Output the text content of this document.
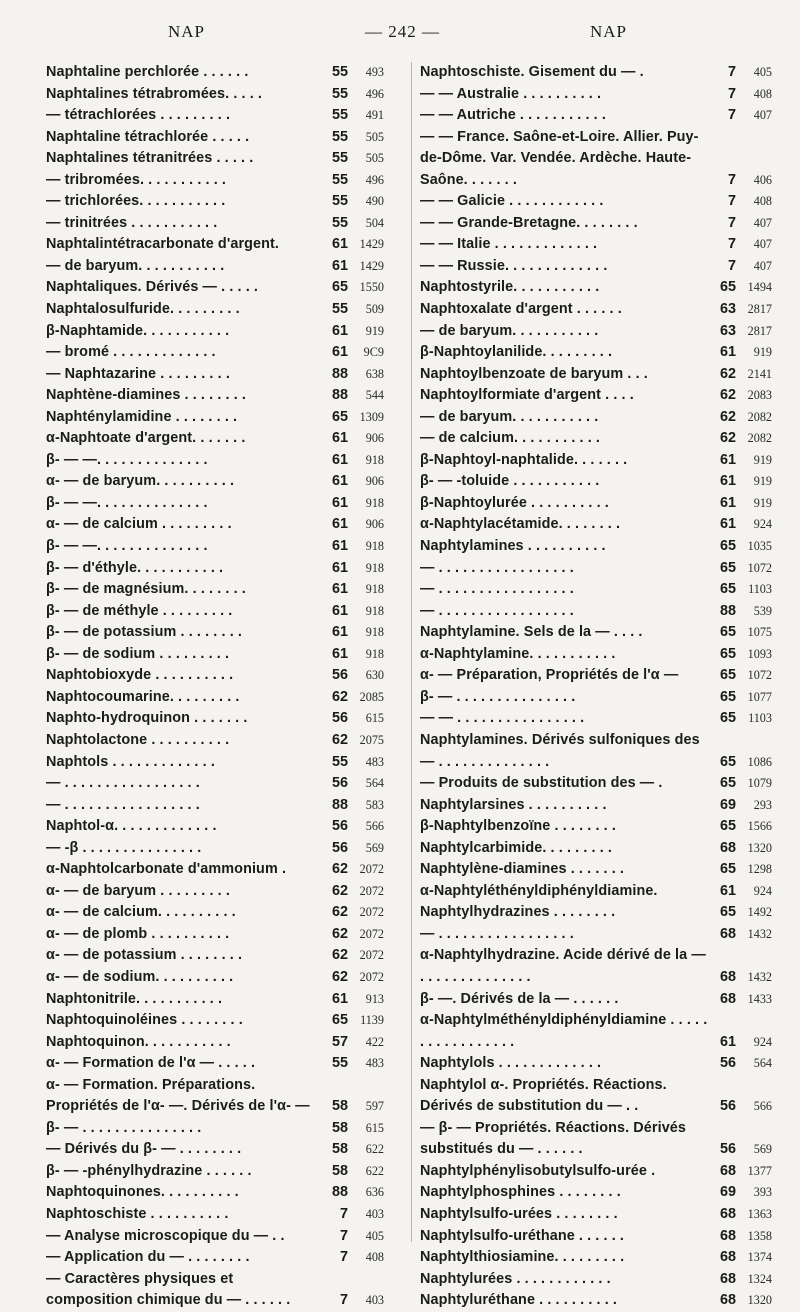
NAP	— 242 —	NAP
Naphtaline perchlorée . . . . . .	55	493
Naphtalines tétrabromées. . . . .	55	496
— tétrachlorées . . . . . . . . .	55	491
Naphtaline tétrachlorée . . . . .	55	505
Naphtalines tétranitrées . . . . .	55	505
— tribromées. . . . . . . . . . .	55	496
— trichlorées. . . . . . . . . . .	55	490
— trinitrées . . . . . . . . . . .	55	504
Naphtalintétracarbonate d'argent.	61 1429
— de baryum. . . . . . . . . . .	61 1429
Naphtaliques. Dérivés — . . . . .	65 1550
Naphtalosulfuride. . . . . . . . .	55	509
β-Naphtamide. . . . . . . . . . .	61	919
— bromé . . . . . . . . . . . . .	61	9C9
— Naphtazarine . . . . . . . . .	88	638
Naphtène-diamines . . . . . . . .	88	544
Naphténylamidine . . . . . . . .	65 1309
α-Naphtoate d'argent. . . . . . .	61	906
β- — —. . . . . . . . . . . . . .	61	918
α- — de baryum. . . . . . . . . .	61	906
β- — —. . . . . . . . . . . . . .	61	918
α- — de calcium . . . . . . . . .	61	906
β- — —. . . . . . . . . . . . . .	61	918
β- — d'éthyle. . . . . . . . . . .	61	918
β- — de magnésium. . . . . . . .	61	918
β- — de méthyle . . . . . . . . .	61	918
β- — de potassium . . . . . . . .	61	918
β- — de sodium . . . . . . . . .	61	918
Naphtobioxyde . . . . . . . . . .	56	630
Naphtocoumarine. . . . . . . . .	62 2085
Naphto-hydroquinon . . . . . . .	56	615
Naphtolactone . . . . . . . . . .	62 2075
Naphtols . . . . . . . . . . . . .	55	483
— . . . . . . . . . . . . . . . . .	56	564
— . . . . . . . . . . . . . . . . .	88	583
Naphtol-α. . . . . . . . . . . . .	56	566
— -β . . . . . . . . . . . . . . .	56	569
α-Naphtolcarbonate d'ammonium .	62 2072
α- — de baryum . . . . . . . . .	62 2072
α- — de calcium. . . . . . . . . .	62 2072
α- — de plomb . . . . . . . . . .	62 2072
α- — de potassium . . . . . . . .	62 2072
α- — de sodium. . . . . . . . . .	62 2072
Naphtonitrile. . . . . . . . . . .	61	913
Naphtoquinoléines . . . . . . . .	65 1139
Naphtoquinon. . . . . . . . . . .	57	422
α- — Formation de l'α — . . . . .	55	483
α- — Formation. Préparations. Propriétés de l'α- —. Dérivés de l'α- —	58	597
β- — . . . . . . . . . . . . . . .	58	615
— Dérivés du β- — . . . . . . . .	58	622
β- — -phénylhydrazine . . . . . .	58	622
Naphtoquinones. . . . . . . . . .	88	636
Naphtoschiste . . . . . . . . . .	7	403
— Analyse microscopique du — . .	7	405
— Application du — . . . . . . . .	7	408
— Caractères physiques et composition chimique du — . . . . . .	7	403
Naphtoschiste. Gisement du — .	7	405
— — Australie . . . . . . . . . .	7	408
— — Autriche . . . . . . . . . . .	7	407
— — France. Saône-et-Loire. Allier. Puy-de-Dôme. Var. Vendée. Ardèche. Haute-Saône. . . . . . .	7	406
— — Galicie . . . . . . . . . . . .	7	408
— — Grande-Bretagne. . . . . . . .	7	407
— — Italie . . . . . . . . . . . . .	7	407
— — Russie. . . . . . . . . . . . .	7	407
Naphtostyrile. . . . . . . . . . .	65 1494
Naphtoxalate d'argent . . . . . .	63 2817
— de baryum. . . . . . . . . . .	63 2817
β-Naphtoylanilide. . . . . . . . .	61	919
Naphtoylbenzoate de baryum . . .	62 2141
Naphtoylformiate d'argent . . . .	62 2083
— de baryum. . . . . . . . . . .	62 2082
— de calcium. . . . . . . . . . .	62 2082
β-Naphtoyl-naphtalide. . . . . . .	61	919
β- — -toluide . . . . . . . . . . .	61	919
β-Naphtoylurée . . . . . . . . . .	61	919
α-Naphtylacétamide. . . . . . . .	61	924
Naphtylamines . . . . . . . . . .	65 1035
— . . . . . . . . . . . . . . . . .	65 1072
— . . . . . . . . . . . . . . . . .	65 1103
— . . . . . . . . . . . . . . . . .	88	539
Naphtylamine. Sels de la — . . . .	65 1075
α-Naphtylamine. . . . . . . . . . .	65 1093
α- — Préparation, Propriétés de l'α —	65 1072
β- — . . . . . . . . . . . . . . .	65 1077
— — . . . . . . . . . . . . . . . .	65 1103
Naphtylamines. Dérivés sulfoniques des — . . . . . . . . . . . . . .	65 1086
— Produits de substitution des — .	65 1079
Naphtylarsines . . . . . . . . . .	69	293
β-Naphtylbenzoïne . . . . . . . .	65 1566
Naphtylcarbimide. . . . . . . . .	68 1320
Naphtylène-diamines . . . . . . .	65 1298
α-Naphtyléthényldiphényldiamine.	61	924
Naphtylhydrazines . . . . . . . .	65 1492
— . . . . . . . . . . . . . . . . .	68 1432
α-Naphtylhydrazine. Acide dérivé de la — . . . . . . . . . . . . . .	68 1432
β- —. Dérivés de la — . . . . . .	68 1433
α-Naphtylméthényldiphényldiamine . . . . . . . . . . . . . . . . .	61	924
Naphtylols . . . . . . . . . . . . .	56	564
Naphtylol α-. Propriétés. Réactions. Dérivés de substitution du — . .	56	566
— β- — Propriétés. Réactions. Dérivés substitués du — . . . . . .	56	569
Naphtylphénylisobutylsulfo-urée .	68 1377
Naphtylphosphines . . . . . . . .	69	393
Naphtylsulfo-urées . . . . . . . .	68 1363
Naphtylsulfo-uréthane . . . . . .	68 1358
Naphtylthiosiamine. . . . . . . . .	68 1374
Naphtylurées . . . . . . . . . . . .	68 1324
Naphtyluréthane . . . . . . . . . .	68 1320
